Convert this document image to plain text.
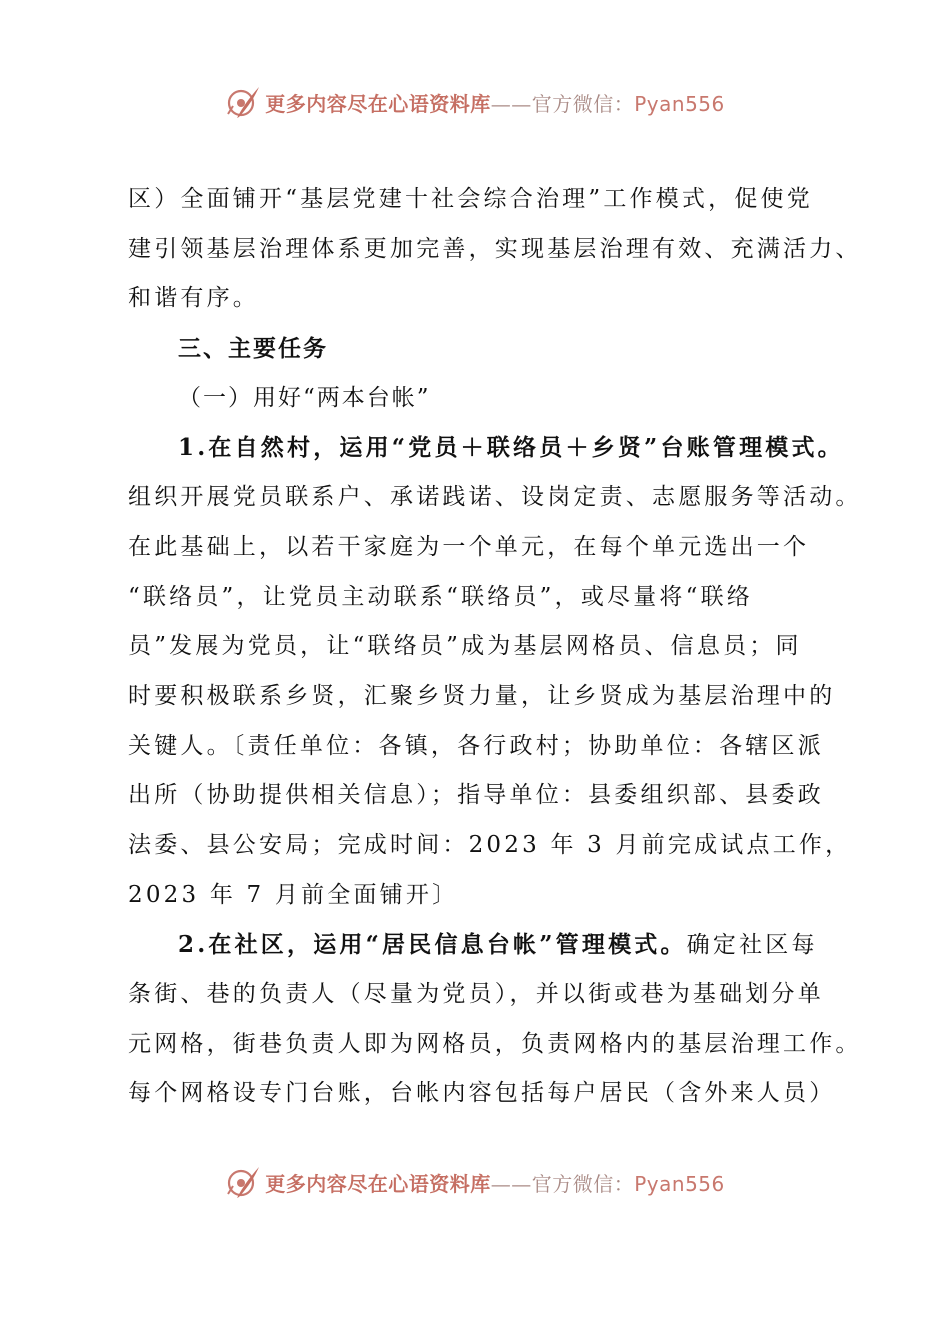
更多内容尽在心语资料库——官方微信：Pyan556
区）全面铺开“基层党建十社会综合治理”工作模式，促使党
建引领基层治理体系更加完善，实现基层治理有效、充满活力、
和谐有序。
三、主要任务
（一）用好“两本台帐”
1.在自然村，运用“党员＋联络员＋乡贤”台账管理模式。
组织开展党员联系户、承诺践诺、设岗定责、志愿服务等活动。
在此基础上，以若干家庭为一个单元，在每个单元选出一个
“联络员”，让党员主动联系“联络员”，或尽量将“联络
员”发展为党员，让“联络员”成为基层网格员、信息员；同
时要积极联系乡贤，汇聚乡贤力量，让乡贤成为基层治理中的
关键人。〔责任单位：各镇，各行政村；协助单位：各辖区派
出所（协助提供相关信息）；指导单位：县委组织部、县委政
法委、县公安局；完成时间：2023 年 3 月前完成试点工作，
2023 年 7 月前全面铺开〕
2.在社区，运用“居民信息台帐”管理模式。确定社区每
条街、巷的负责人（尽量为党员），并以街或巷为基础划分单
元网格，街巷负责人即为网格员，负责网格内的基层治理工作。
每个网格设专门台账，台帐内容包括每户居民（含外来人员）
更多内容尽在心语资料库——官方微信：Pyan556
